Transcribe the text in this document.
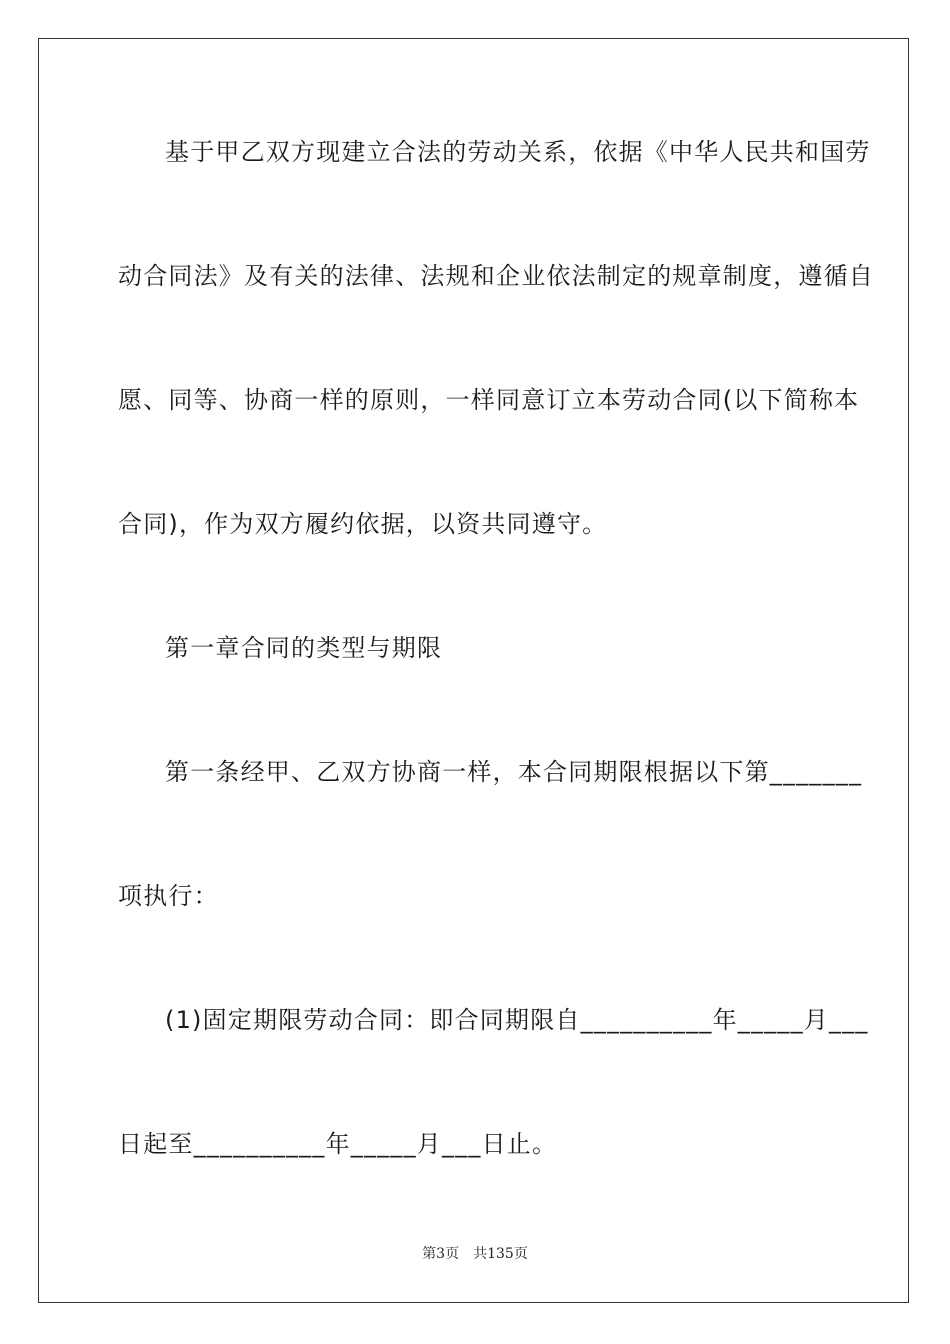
基于甲乙双方现建立合法的劳动关系，依据《中华人民共和国劳
动合同法》及有关的法律、法规和企业依法制定的规章制度，遵循自
愿、同等、协商一样的原则，一样同意订立本劳动合同(以下简称本
合同)，作为双方履约依据，以资共同遵守。
第一章合同的类型与期限
第一条经甲、乙双方协商一样，本合同期限根据以下第_______
项执行：
(1)固定期限劳动合同：即合同期限自__________年_____月___
日起至__________年_____月___日止。
第3页 共135页
